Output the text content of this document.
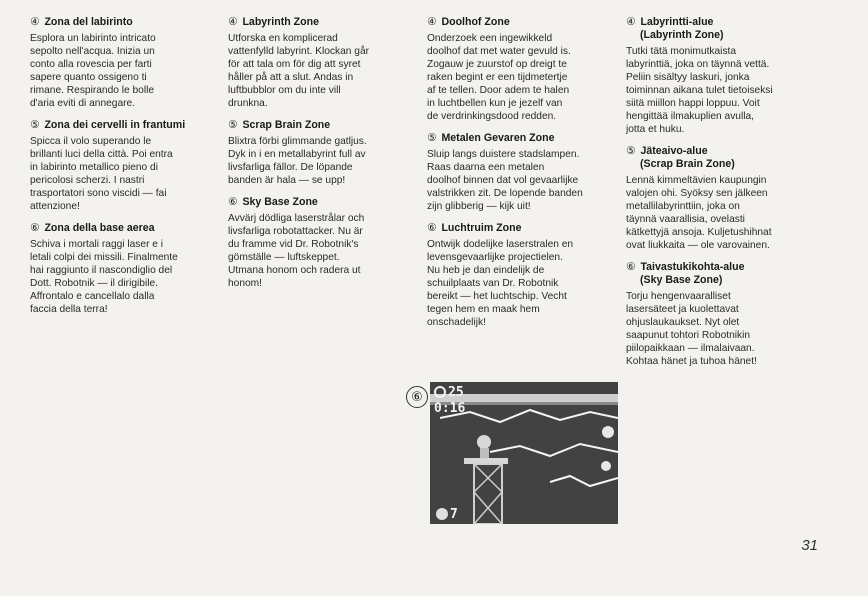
④ Zona del labirinto

Esplora un labirinto intricato
sepolto nell'acqua. Inizia un
conto alla rovescia per farti
sapere quanto ossigeno ti
rimane. Respirando le bolle
d'aria eviti di annegare.

⑤ Zona dei cervelli in frantumi

Spicca il volo superando le
brillanti luci della città. Poi entra
in labirinto metallico pieno di
pericolosi scherzi. I nastri
trasportatori sono viscidi — fai
attenzione!

⑥ Zona della base aerea

Schiva i mortali raggi laser e i
letali colpi dei missili. Finalmente
hai raggiunto il nascondiglio del
Dott. Robotnik — il dirigibile.
Affrontalo e cancellalo dalla
faccia della terra!

④ Labyrinth Zone

Utforska en komplicerad
vattenfylld labyrint. Klockan går
för att tala om för dig att syret
håller på att a slut. Andas in
luftbubblor om du inte vill
drunkna.

⑤ Scrap Brain Zone

Blixtra förbi glimmande gatljus.
Dyk in i en metallabyrint full av
livsfarliga fällor. De löpande
banden är hala — se upp!

⑥ Sky Base Zone

Avvärj dödliga laserstrålar och
livsfarliga robotattacker. Nu är
du framme vid Dr. Robotnik's
gömställe — luftskeppet.
Utmana honom och radera ut
honom!

④ Doolhof Zone

Onderzoek een ingewikkeld
doolhof dat met water gevuld is.
Zogauw je zuurstof op dreigt te
raken begint er een tijdmetertje
af te tellen. Door adem te halen
in luchtbellen kun je jezelf van
de verdrinkingsdood redden.

⑤ Metalen Gevaren Zone

Sluip langs duistere stadslampen.
Raas daarna een metalen
doolhof binnen dat vol gevaarlijke
valstrikken zit. De lopende banden
zijn glibberig — kijk uit!

⑥ Luchtruim Zone

Ontwijk dodelijke laserstralen en
levensgevaarlijke projectielen.
Nu heb je dan eindelijk de
schuilplaats van Dr. Robotnik
bereikt — het luchtschip. Vecht
tegen hem en maak hem
onschadelijk!

④ Labyrintti-alue
(Labyrinth Zone)

Tutki tätä monimutkaista
labyrinttiä, joka on täynnä vettä.
Peliin sisältyy laskuri, jonka
toiminnan aikana tulet tietoiseksi
siitä miillon happi loppuu. Voit
hengittää ilmakuplien avulla,
jotta et huku.

⑤ Jäteaivo-alue
(Scrap Brain Zone)

Lennä kimmeltävien kaupungin
valojen ohi. Syöksy sen jälkeen
metallilabyrinttiin, joka on
täynnä vaarallisia, ovelasti
kätkettyjä ansoja. Kuljetushihnat
ovat liukkaita — ole varovainen.

⑥ Taivastukikohta-alue
(Sky Base Zone)

Torju hengenvaaralliset
lasersäteet ja kuolettavat
ohjuslaukaukset. Nyt olet
saapunut tohtori Robotnikin
piilopaikkaan — ilmalaivaan.
Kohtaa hänet ja tuhoa hänet!

⑥	25
0:16
7
31
